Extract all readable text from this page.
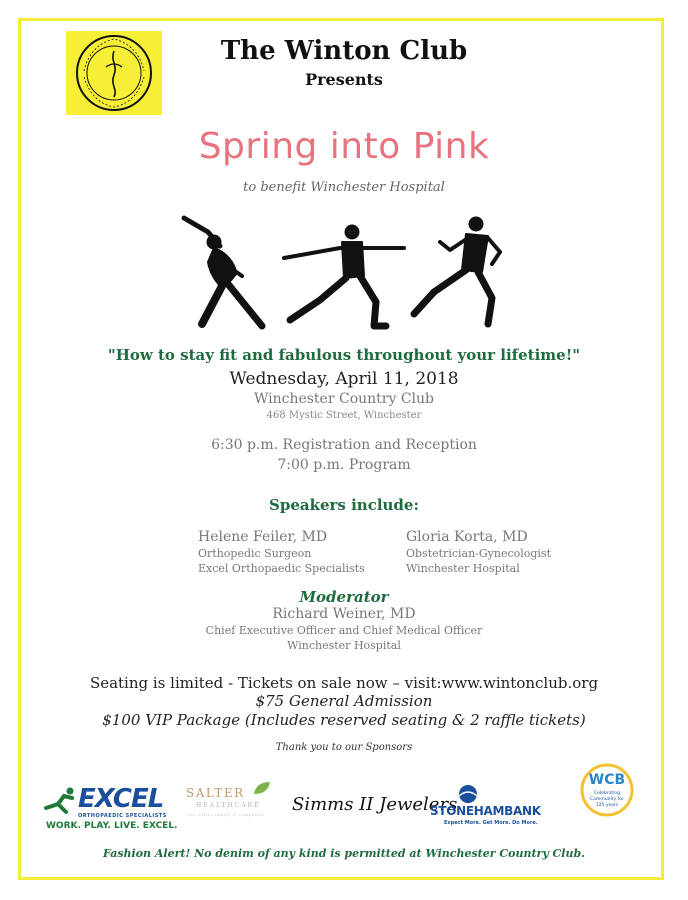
The Winton Club
Presents
Spring into Pink
to benefit Winchester Hospital
"How to stay fit and fabulous throughout your lifetime!"
Wednesday, April 11, 2018
Winchester Country Club
468 Mystic Street, Winchester
6:30 p.m. Registration and Reception
7:00 p.m. Program
Speakers include:
Helene Feiler, MD
Orthopedic Surgeon
Excel Orthopaedic Specialists
Gloria Korta, MD
Obstetrician-Gynecologist
Winchester Hospital
Moderator
Richard Weiner, MD
Chief Executive Officer and Chief Medical Officer
Winchester Hospital
Seating is limited - Tickets on sale now – visit:www.wintonclub.org
$75 General Admission
$100 VIP Package (Includes reserved seating & 2 raffle tickets)
Thank you to our Sponsors
EXCEL
ORTHOPAEDIC SPECIALISTS
WORK. PLAY. LIVE. EXCEL.
SALTER
HEALTHCARE
the Salter family of companies Simms II Jewelers
STONEHAMBANK
Expect More. Get More. Do More.
WCB
Celebrating
Community for
125 years
Fashion Alert! No denim of any kind is permitted at Winchester Country Club.
